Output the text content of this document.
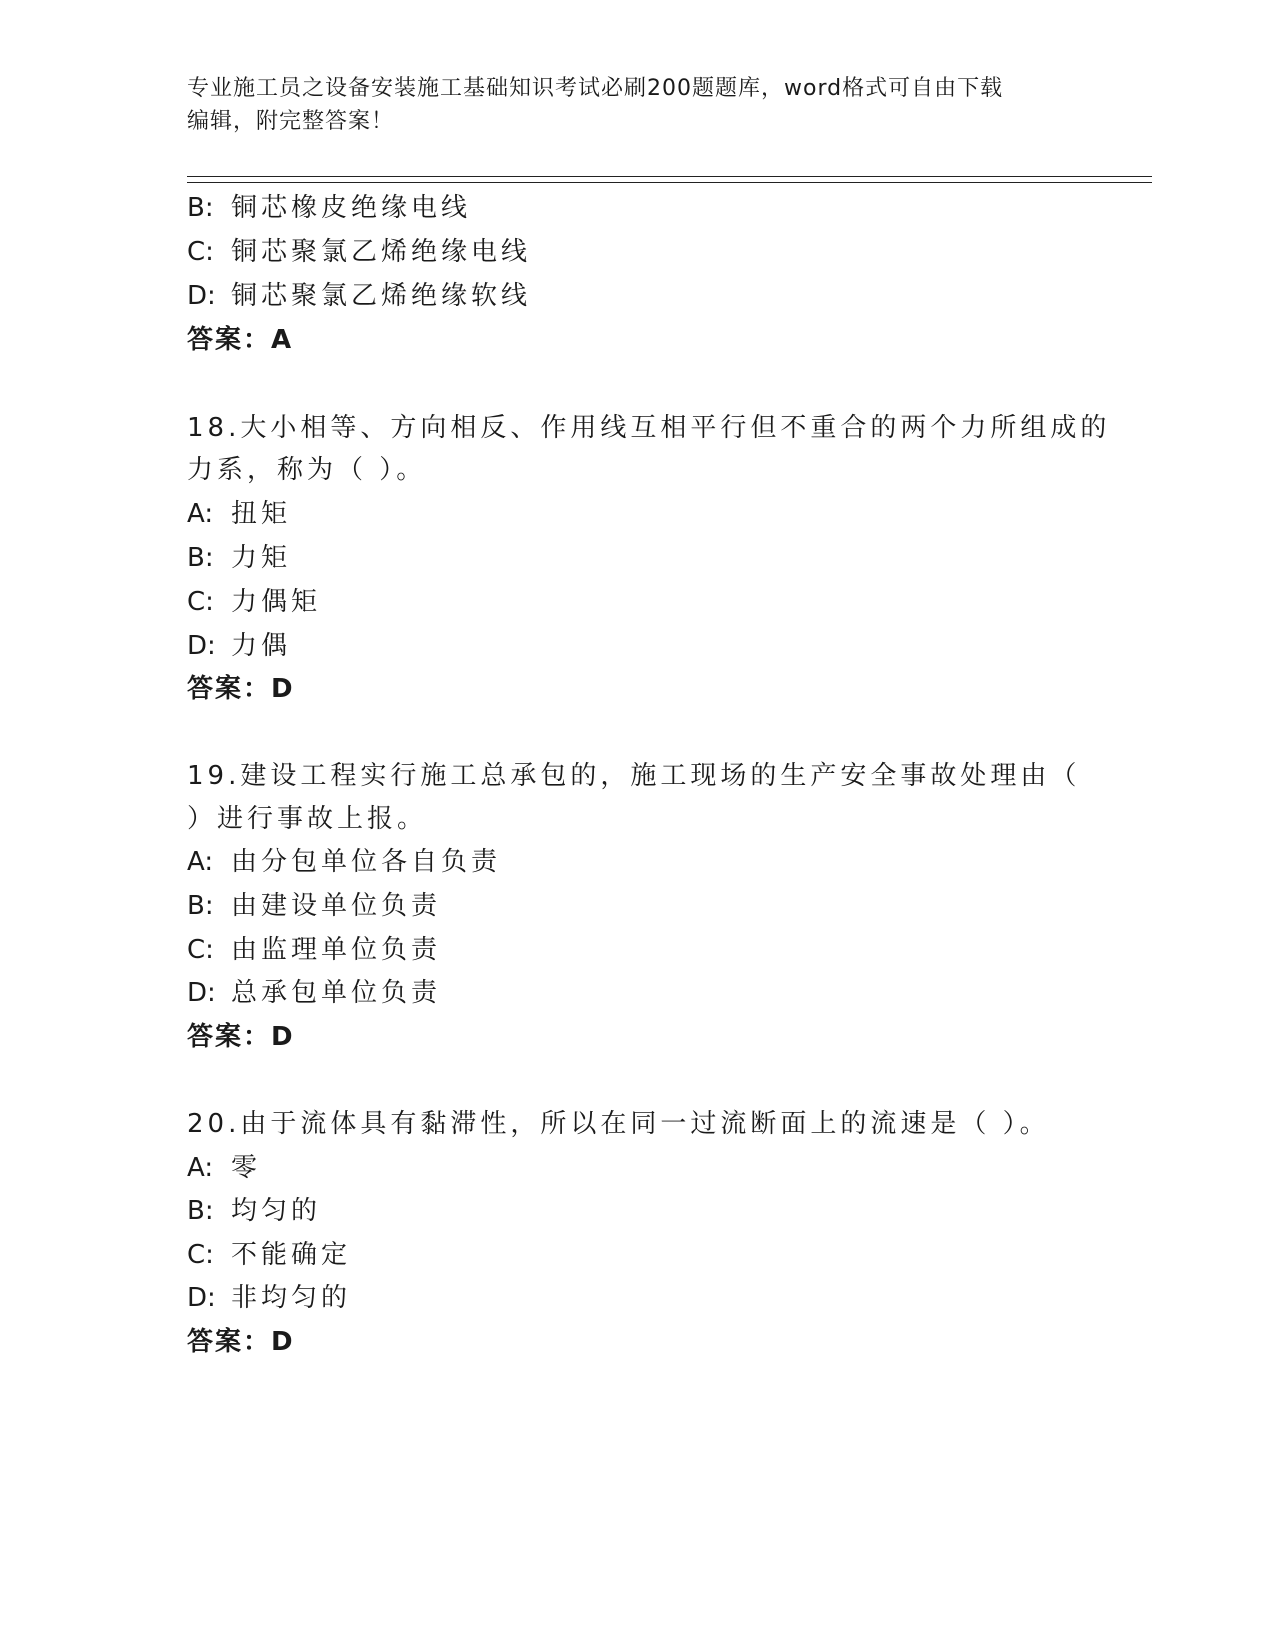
专业施工员之设备安装施工基础知识考试必刷200题题库，word格式可自由下载
编辑，附完整答案！
B: 铜芯橡皮绝缘电线
C: 铜芯聚氯乙烯绝缘电线
D: 铜芯聚氯乙烯绝缘软线
答案：A
18.大小相等、方向相反、作用线互相平行但不重合的两个力所组成的
力系，称为（ ）。
A: 扭矩
B: 力矩
C: 力偶矩
D: 力偶
答案：D
19.建设工程实行施工总承包的，施工现场的生产安全事故处理由（
）进行事故上报。
A: 由分包单位各自负责
B: 由建设单位负责
C: 由监理单位负责
D: 总承包单位负责
答案：D
20.由于流体具有黏滞性，所以在同一过流断面上的流速是（ ）。
A: 零
B: 均匀的
C: 不能确定
D: 非均匀的
答案：D
